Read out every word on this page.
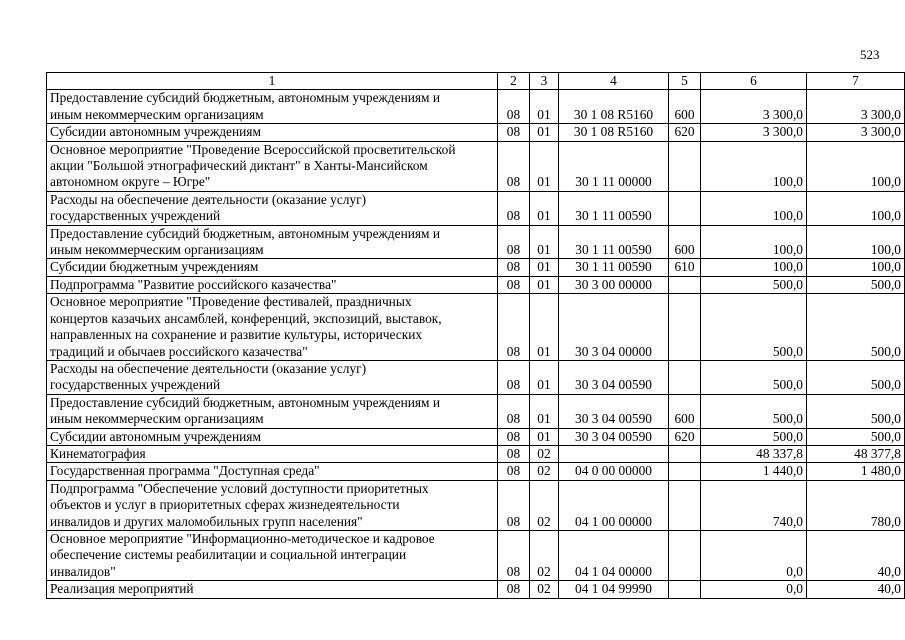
523
1	2	3	4	5	6	7

Предоставление субсидий бюджетным, автономным учреждениям и
иным некоммерческим организациям	08	01	30 1 08 R5160	600	3 300,0	3 300,0

Субсидии автономным учреждениям	08	01	30 1 08 R5160	620	3 300,0	3 300,0

Основное мероприятие "Проведение Всероссийской просветительской
акции "Большой этнографический диктант" в Ханты-Мансийском
автономном округе – Югре"	08	01	30 1 11 00000		100,0	100,0

Расходы на обеспечение деятельности (оказание услуг)
государственных учреждений	08	01	30 1 11 00590		100,0	100,0

Предоставление субсидий бюджетным, автономным учреждениям и
иным некоммерческим организациям	08	01	30 1 11 00590	600	100,0	100,0

Субсидии бюджетным учреждениям	08	01	30 1 11 00590	610	100,0	100,0

Подпрограмма "Развитие российского казачества"	08	01	30 3 00 00000		500,0	500,0

Основное мероприятие "Проведение фестивалей, праздничных
концертов казачьих ансамблей, конференций, экспозиций, выставок,
направленных на сохранение и развитие культуры, исторических
традиций и обычаев российского казачества"	08	01	30 3 04 00000		500,0	500,0

Расходы на обеспечение деятельности (оказание услуг)
государственных учреждений	08	01	30 3 04 00590		500,0	500,0

Предоставление субсидий бюджетным, автономным учреждениям и
иным некоммерческим организациям	08	01	30 3 04 00590	600	500,0	500,0

Субсидии автономным учреждениям	08	01	30 3 04 00590	620	500,0	500,0

Кинематография	08	02			48 337,8	48 377,8

Государственная программа "Доступная среда"	08	02	04 0 00 00000		1 440,0	1 480,0

Подпрограмма "Обеспечение условий доступности приоритетных
объектов и услуг в приоритетных сферах жизнедеятельности
инвалидов и других маломобильных групп населения"	08	02	04 1 00 00000		740,0	780,0

Основное мероприятие "Информационно-методическое и кадровое
обеспечение системы реабилитации и социальной интеграции
инвалидов"	08	02	04 1 04 00000		0,0	40,0

Реализация мероприятий	08	02	04 1 04 99990		0,0	40,0
